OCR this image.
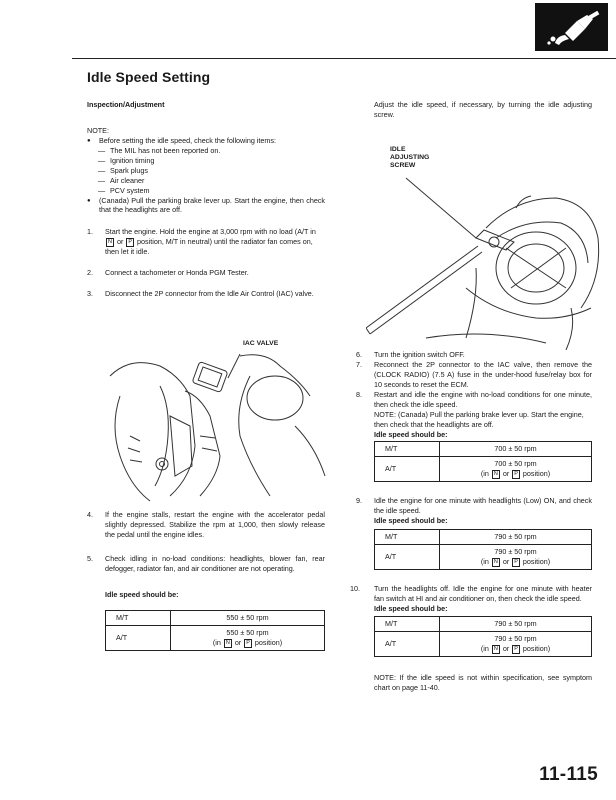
Idle Speed Setting

Inspection/Adjustment

NOTE:

● Before setting the idle speed, check the following items:

— The MIL has not been reported on.

— Ignition timing

— Spark plugs

— Air cleaner

— PCV system

● (Canada) Pull the parking brake lever up. Start the engine, then check that the headlights are off.

1. Start the engine. Hold the engine at 3,000 rpm with no load (A/T in N or P position, M/T in neutral) until the radiator fan comes on, then let it idle.
2. Connect a tachometer or Honda PGM Tester.
3. Disconnect the 2P connector from the Idle Air Control (IAC) valve.
IAC VALVE
4. If the engine stalls, restart the engine with the accelerator pedal slightly depressed. Stabilize the rpm at 1,000, then slowly release the pedal until the engine idles.
5. Check idling in no-load conditions: headlights, blower fan, rear defogger, radiator fan, and air conditioner are not operating.

Idle speed should be:

M/T	550 ± 50 rpm
A/T	550 ± 50 rpm
(in N or P position)

Adjust the idle speed, if necessary, by turning the idle adjusting screw.

IDLE ADJUSTING SCREW
6. Turn the ignition switch OFF.
7. Reconnect the 2P connector to the IAC valve, then remove the (CLOCK RADIO) (7.5 A) fuse in the under-hood fuse/relay box for 10 seconds to reset the ECM.
8. Restart and idle the engine with no-load conditions for one minute, then check the idle speed.

NOTE: (Canada) Pull the parking brake lever up. Start the engine, then check that the headlights are off.

Idle speed should be:

M/T	700 ± 50 rpm
A/T	700 ± 50 rpm
(in N or P position)
9. Idle the engine for one minute with headlights (Low) ON, and check the idle speed.

Idle speed should be:

M/T	790 ± 50 rpm
A/T	790 ± 50 rpm
(in N or P position)
10. Turn the headlights off. Idle the engine for one minute with heater fan switch at HI and air conditioner on, then check the idle speed.

Idle speed should be:

M/T	790 ± 50 rpm
A/T	790 ± 50 rpm
(in N or P position)

NOTE: If the idle speed is not within specification, see symptom chart on page 11-40.

11-115
